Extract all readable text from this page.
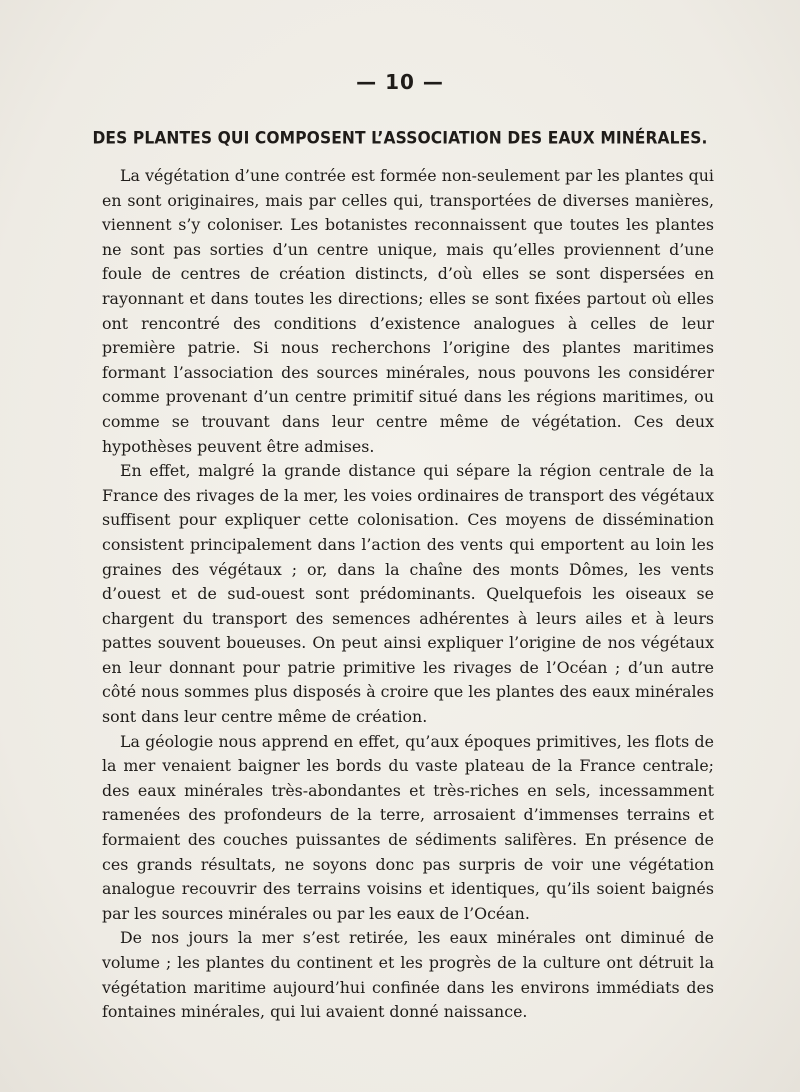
— 10 —
DES PLANTES QUI COMPOSENT L’ASSOCIATION DES EAUX MINÉRALES.

La végétation d’une contrée est formée non-seulement par les plantes qui en sont originaires, mais par celles qui, transportées de diverses manières, viennent s’y coloniser. Les botanistes reconnaissent que toutes les plantes ne sont pas sorties d’un centre unique, mais qu’elles proviennent d’une foule de centres de création distincts, d’où elles se sont dispersées en rayonnant et dans toutes les directions; elles se sont fixées partout où elles ont rencontré des conditions d’existence analogues à celles de leur première patrie. Si nous recherchons l’origine des plantes maritimes formant l’association des sources minérales, nous pouvons les considérer comme provenant d’un centre primitif situé dans les régions maritimes, ou comme se trouvant dans leur centre même de végétation. Ces deux hypothèses peuvent être admises.

En effet, malgré la grande distance qui sépare la région centrale de la France des rivages de la mer, les voies ordinaires de transport des végétaux suffisent pour expliquer cette colonisation. Ces moyens de dissémination consistent principalement dans l’action des vents qui emportent au loin les graines des végétaux ; or, dans la chaîne des monts Dômes, les vents d’ouest et de sud-ouest sont prédominants. Quelquefois les oiseaux se chargent du transport des semences adhérentes à leurs ailes et à leurs pattes souvent boueuses. On peut ainsi expliquer l’origine de nos végétaux en leur donnant pour patrie primitive les rivages de l’Océan ; d’un autre côté nous sommes plus disposés à croire que les plantes des eaux minérales sont dans leur centre même de création.

La géologie nous apprend en effet, qu’aux époques primitives, les flots de la mer venaient baigner les bords du vaste plateau de la France centrale; des eaux minérales très-abondantes et très-riches en sels, incessamment ramenées des profondeurs de la terre, arrosaient d’immenses terrains et formaient des couches puissantes de sédiments salifères. En présence de ces grands résultats, ne soyons donc pas surpris de voir une végétation analogue recouvrir des terrains voisins et identiques, qu’ils soient baignés par les sources minérales ou par les eaux de l’Océan.

De nos jours la mer s’est retirée, les eaux minérales ont diminué de volume ; les plantes du continent et les progrès de la culture ont détruit la végétation maritime aujourd’hui confinée dans les environs immédiats des fontaines minérales, qui lui avaient donné naissance.
